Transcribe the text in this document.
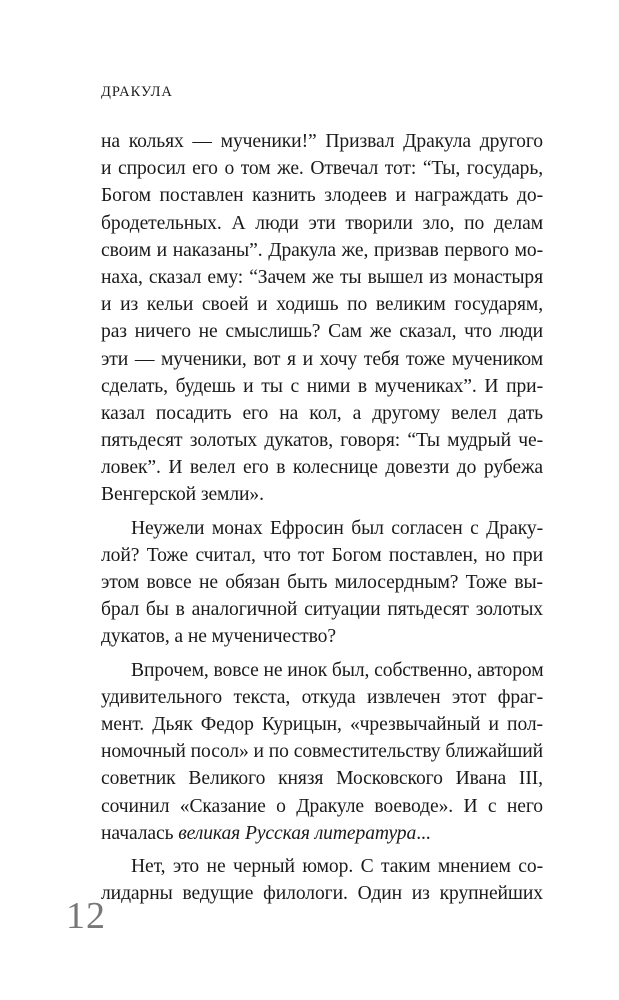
ДРАКУЛА
на кольях — мученики!” Призвал Дракула другого
и спросил его о том же. Отвечал тот: “Ты, государь,
Богом поставлен казнить злодеев и награждать до-
бродетельных. А люди эти творили зло, по делам
своим и наказаны”. Дракула же, призвав первого мо-
наха, сказал ему: “Зачем же ты вышел из монастыря
и из кельи своей и ходишь по великим государям,
раз ничего не смыслишь? Сам же сказал, что люди
эти — мученики, вот я и хочу тебя тоже мучеником
сделать, будешь и ты с ними в мучениках”. И при-
казал посадить его на кол, а другому велел дать
пятьдесят золотых дукатов, говоря: “Ты мудрый че-
ловек”. И велел его в колеснице довезти до рубежа
Венгерской земли».
Неужели монах Ефросин был согласен с Драку-
лой? Тоже считал, что тот Богом поставлен, но при
этом вовсе не обязан быть милосердным? Тоже вы-
брал бы в аналогичной ситуации пятьдесят золотых
дукатов, а не мученичество?
Впрочем, вовсе не инок был, собственно, автором
удивительного текста, откуда извлечен этот фраг-
мент. Дьяк Федор Курицын, «чрезвычайный и пол-
номочный посол» и по совместительству ближайший
советник Великого князя Московского Ивана III,
сочинил «Сказание о Дракуле воеводе». И с него
началась великая Русская литература...
Нет, это не черный юмор. С таким мнением со-
лидарны ведущие филологи. Один из крупнейших
12
